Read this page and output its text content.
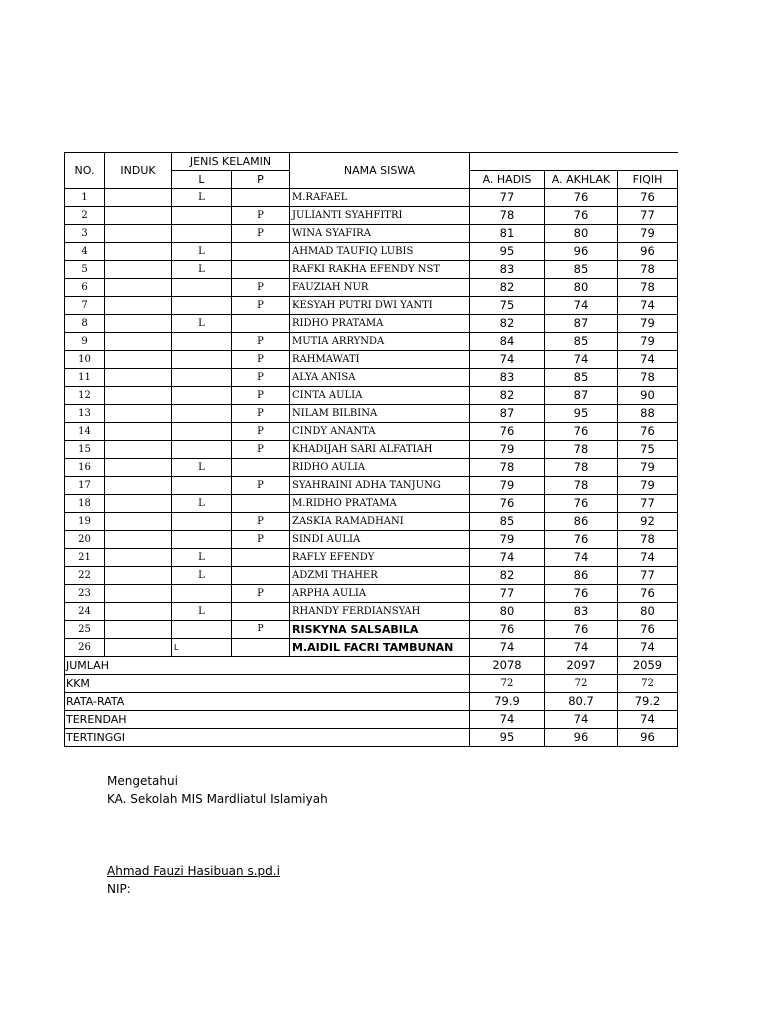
NO.	INDUK	JENIS KELAMIN		NAMA SISWA			
		L	P		A. HADIS	A. AKHLAK	FIQIH
1		L		M.RAFAEL	77	76	76
2			P	JULIANTI SYAHFITRI	78	76	77
3			P	WINA SYAFIRA	81	80	79
4		L		AHMAD TAUFIQ LUBIS	95	96	96
5		L		RAFKI RAKHA EFENDY NST	83	85	78
6			P	FAUZIAH NUR	82	80	78
7			P	KESYAH PUTRI DWI YANTI	75	74	74
8		L		RIDHO PRATAMA	82	87	79
9			P	MUTIA ARRYNDA	84	85	79
10			P	RAHMAWATI	74	74	74
11			P	ALYA ANISA	83	85	78
12			P	CINTA AULIA	82	87	90
13			P	NILAM BILBINA	87	95	88
14			P	CINDY ANANTA	76	76	76
15			P	KHADIJAH SARI ALFATIAH	79	78	75
16		L		RIDHO AULIA	78	78	79
17			P	SYAHRAINI ADHA TANJUNG	79	78	79
18		L		M.RIDHO PRATAMA	76	76	77
19			P	ZASKIA RAMADHANI	85	86	92
20			P	SINDI AULIA	79	76	78
21		L		RAFLY EFENDY	74	74	74
22		L		ADZMI THAHER	82	86	77
23			P	ARPHA AULIA	77	76	76
24		L		RHANDY FERDIANSYAH	80	83	80
25			P	RISKYNA SALSABILA	76	76	76
26		L		M.AIDIL FACRI TAMBUNAN	74	74	74
JUMLAH					2078	2097	2059
KKM					72	72	72
RATA-RATA					79.9	80.7	79.2
TERENDAH					74	74	74
TERTINGGI					95	96	96
Mengetahui
KA. Sekolah MIS Mardliatul Islamiyah
Ahmad Fauzi Hasibuan s.pd.i
NIP:
